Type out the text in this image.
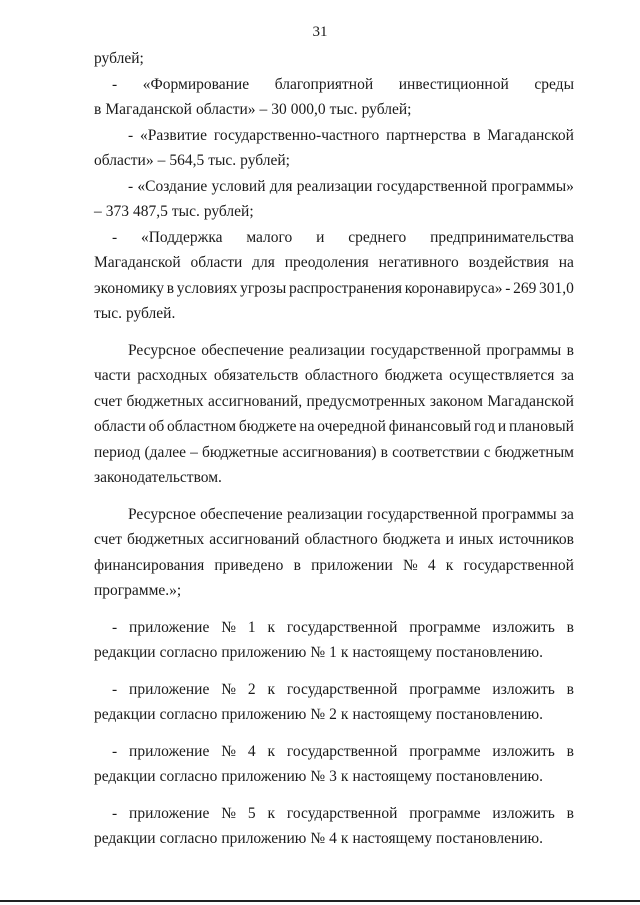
31
рублей;
- «Формирование благоприятной инвестиционной среды
в Магаданской области» – 30 000,0 тыс. рублей;
- «Развитие государственно-частного партнерства в Магаданской
области» – 564,5 тыс. рублей;
- «Создание условий для реализации государственной программы»
– 373 487,5 тыс. рублей;
- «Поддержка малого и среднего предпринимательства
Магаданской области для преодоления негативного воздействия на
экономику в условиях угрозы распространения коронавируса» - 269 301,0
тыс. рублей.
Ресурсное обеспечение реализации государственной программы в
части расходных обязательств областного бюджета осуществляется за
счет бюджетных ассигнований, предусмотренных законом Магаданской
области об областном бюджете на очередной финансовый год и плановый
период (далее – бюджетные ассигнования) в соответствии с бюджетным
законодательством.
Ресурсное обеспечение реализации государственной программы за
счет бюджетных ассигнований областного бюджета и иных источников
финансирования приведено в приложении № 4 к государственной
программе.»;
- приложение № 1 к государственной программе изложить в
редакции согласно приложению № 1 к настоящему постановлению.
- приложение № 2 к государственной программе изложить в
редакции согласно приложению № 2 к настоящему постановлению.
- приложение № 4 к государственной программе изложить в
редакции согласно приложению № 3 к настоящему постановлению.
- приложение № 5 к государственной программе изложить в
редакции согласно приложению № 4 к настоящему постановлению.
